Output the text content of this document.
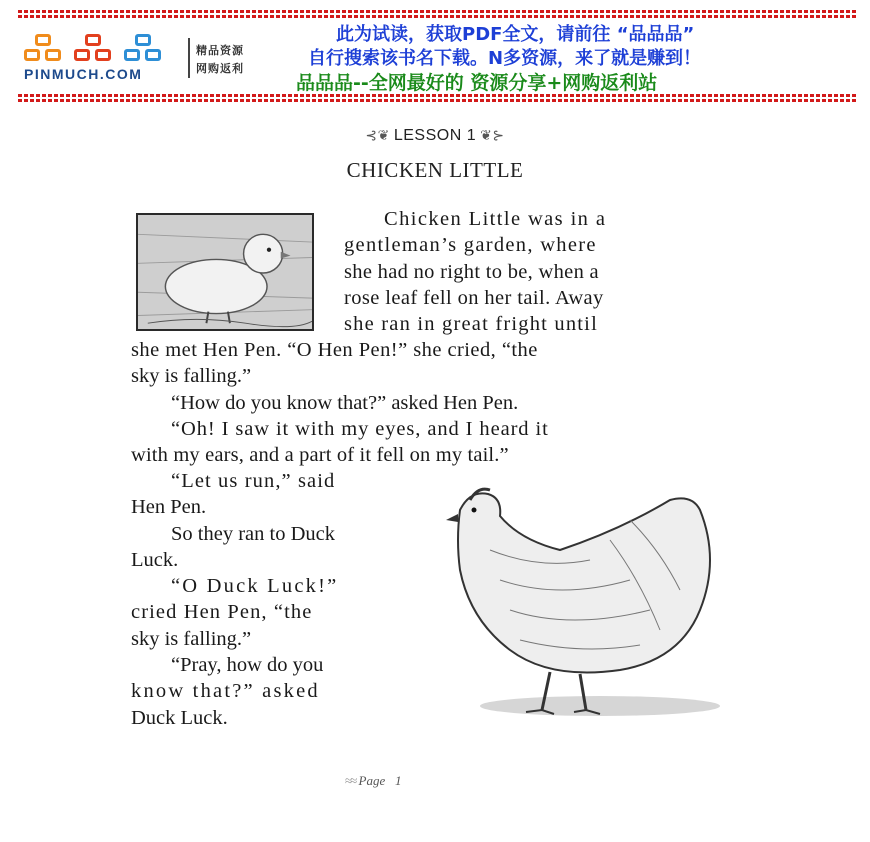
PINMUCH.COM
精品资源
网购返利
此为试读，获取PDF全文，请前往 “品品品”
自行搜索该书名下载。N多资源，来了就是赚到！
品品品--全网最好的 资源分享+网购返利站
⊰❦ LESSON 1 ❦⊱
CHICKEN LITTLE
Chicken Little was in a
gentleman’s garden, where
she had no right to be, when a
rose leaf fell on her tail. Away
she ran in great fright until
she met Hen Pen. “O Hen Pen!” she cried, “the
sky is falling.”
“How do you know that?” asked Hen Pen.
“Oh! I saw it with my eyes, and I heard it
with my ears, and a part of it fell on my tail.”
“Let us run,” said
Hen Pen.
So they ran to Duck
Luck.
“O Duck Luck!”
cried Hen Pen, “the
sky is falling.”
“Pray, how do you
know that?” asked
Duck Luck.
≈≈ Page   1
